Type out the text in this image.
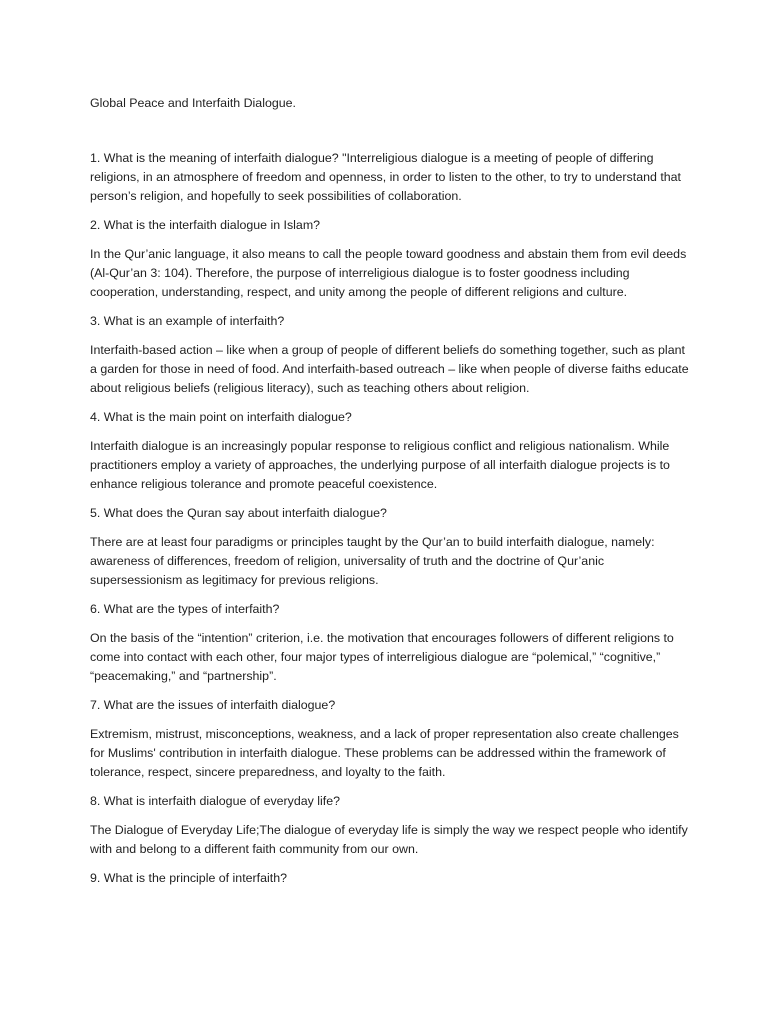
Global Peace and Interfaith Dialogue.

1. What is the meaning of interfaith dialogue? "Interreligious dialogue is a meeting of people of differing religions, in an atmosphere of freedom and openness, in order to listen to the other, to try to understand that person’s religion, and hopefully to seek possibilities of collaboration.

2. What is the interfaith dialogue in Islam?

In the Qur’anic language, it also means to call the people toward goodness and abstain them from evil deeds (Al-Qur’an 3: 104). Therefore, the purpose of interreligious dialogue is to foster goodness including cooperation, understanding, respect, and unity among the people of different religions and culture.

3. What is an example of interfaith?

Interfaith-based action – like when a group of people of different beliefs do something together, such as plant a garden for those in need of food. And interfaith-based outreach – like when people of diverse faiths educate about religious beliefs (religious literacy), such as teaching others about religion.

4. What is the main point on interfaith dialogue?

Interfaith dialogue is an increasingly popular response to religious conflict and religious nationalism. While practitioners employ a variety of approaches, the underlying purpose of all interfaith dialogue projects is to enhance religious tolerance and promote peaceful coexistence.

5. What does the Quran say about interfaith dialogue?

There are at least four paradigms or principles taught by the Qur’an to build interfaith dialogue, namely: awareness of differences, freedom of religion, universality of truth and the doctrine of Qur’anic supersessionism as legitimacy for previous religions.

6. What are the types of interfaith?

On the basis of the “intention” criterion, i.e. the motivation that encourages followers of different religions to come into contact with each other, four major types of interreligious dialogue are “polemical,” “cognitive,” “peacemaking,” and “partnership”.

7. What are the issues of interfaith dialogue?

Extremism, mistrust, misconceptions, weakness, and a lack of proper representation also create challenges for Muslims' contribution in interfaith dialogue. These problems can be addressed within the framework of tolerance, respect, sincere preparedness, and loyalty to the faith.

8. What is interfaith dialogue of everyday life?

The Dialogue of Everyday Life;The dialogue of everyday life is simply the way we respect people who identify with and belong to a different faith community from our own.

9. What is the principle of interfaith?
